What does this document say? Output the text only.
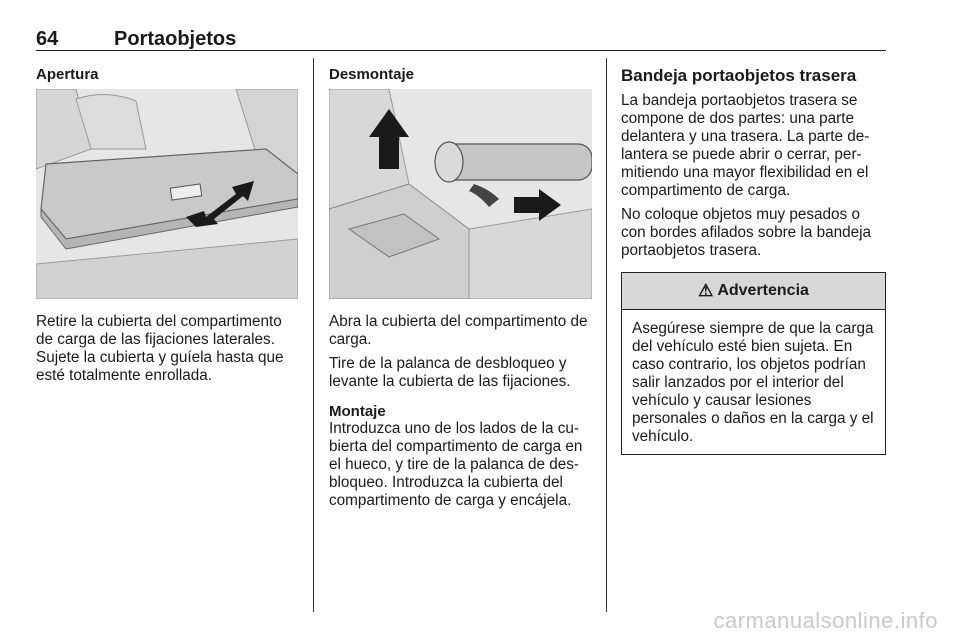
64	Portaobjetos
Apertura

Retire la cubierta del compartimento de carga de las fijaciones laterales. Sujete la cubierta y guíela hasta que esté totalmente enrollada.

Desmontaje

Abra la cubierta del compartimento de carga.

Tire de la palanca de desbloqueo y levante la cubierta de las fijaciones.

Montaje

Introduzca uno de los lados de la cubierta del compartimento de carga en el hueco, y tire de la palanca de desbloqueo. Introduzca la cubierta del compartimento de carga y encájela.

Bandeja portaobjetos trasera

La bandeja portaobjetos trasera se compone de dos partes: una parte delantera y una trasera. La parte delantera se puede abrir o cerrar, permitiendo una mayor flexibilidad en el compartimento de carga.

No coloque objetos muy pesados o con bordes afilados sobre la bandeja portaobjetos trasera.

⚠ Advertencia

Asegúrese siempre de que la carga del vehículo esté bien sujeta. En caso contrario, los objetos podrían salir lanzados por el interior del vehículo y causar lesiones personales o daños en la carga y el vehículo.

carmanualsonline.info
